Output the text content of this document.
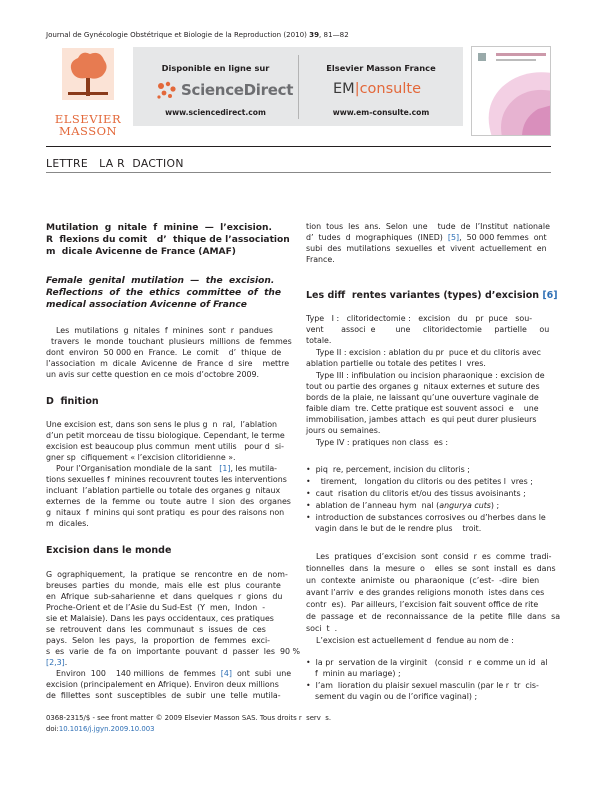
Journal de Gynécologie Obstétrique et Biologie de la Reproduction (2010) 39, 81—82
ELSEVIER
MASSON
Disponible en ligne sur
ScienceDirect
www.sciencedirect.com
Elsevier Masson France
EM|consulte
www.em-consulte.com
LETTRE   LA R  DACTION
Mutilation  g  nitale  f  minine  —  l’excision.
R  flexions du comit   d’  thique de l’association
m  dicale Avicenne de France (AMAF)
Female  genital  mutilation  —  the  excision.
Reflections  of  the  ethics  committee  of  the
medical association Avicenne of France
Les  mutilations  g  nitales  f  minines  sont  r  pandues
travers  le  monde  touchant  plusieurs  millions  de  femmes
dont  environ  50 000 en  France.  Le  comit    d’  thique  de
l’association  m  dicale  Avicenne  de  France  d  sire    mettre
un avis sur cette question en ce mois d’octobre 2009.
D  finition
Une excision est, dans son sens le plus g  n  ral,  l’ablation
d’un petit morceau de tissu biologique. Cependant, le terme
excision est beaucoup plus commun  ment utilis   pour d  si-
gner sp  cifiquement « l’excision clitoridienne ».
Pour l’Organisation mondiale de la sant   [1], les mutila-
tions sexuelles f  minines recouvrent toutes les interventions
incluant  l’ablation partielle ou totale des organes g  nitaux
externes  de  la  femme  ou  toute  autre  l  sion  des  organes
g  nitaux  f  minins qui sont pratiqu  es pour des raisons non
m  dicales.
Excision dans le monde
G  ographiquement,  la  pratique  se  rencontre  en  de  nom-
breuses  parties  du  monde,  mais  elle  est  plus  courante
en  Afrique  sub-saharienne  et  dans  quelques  r  gions  du
Proche-Orient et de l’Asie du Sud-Est  (Y  men,  Indon  -
sie et Malaisie). Dans les pays occidentaux, ces pratiques
se  retrouvent  dans  les  communaut  s  issues  de  ces
pays.  Selon  les  pays,  la  proportion  de  femmes  exci-
s  es  varie  de  fa  on  importante  pouvant  d  passer  les  90 %
[2,3].
Environ  100    140 millions  de  femmes  [4]  ont  subi  une
excision (principalement en Afrique). Environ deux millions
de  fillettes  sont  susceptibles  de  subir  une  telle  mutila-
tion  tous  les  ans.  Selon  une    tude  de  l’Institut  nationale
d’  tudes  d  mographiques  (INED)  [5],  50 000 femmes  ont
subi  des  mutilations  sexuelles  et  vivent  actuellement  en
France.
Les diff  rentes variantes (types) d’excision [6]
Type   I :   clitoridectomie :   excision   du   pr  puce   sou-
vent       associ  e        une     clitoridectomie     partielle     ou
totale.
Type II : excision : ablation du pr  puce et du clitoris avec
ablation partielle ou totale des petites l  vres.
Type III : infibulation ou incision pharaonique : excision de
tout ou partie des organes g  nitaux externes et suture des
bords de la plaie, ne laissant qu’une ouverture vaginale de
faible diam  tre. Cette pratique est souvent associ  e    une
immobilisation, jambes attach  es qui peut durer plusieurs
jours ou semaines.
Type IV : pratiques non class  es :
•  piq  re, percement, incision du clitoris ;
•    tirement,   longation du clitoris ou des petites l  vres ;
•  caut  risation du clitoris et/ou des tissus avoisinants ;
•  ablation de l’anneau hym  nal (angurya cuts) ;
•  introduction de substances corrosives ou d’herbes dans le
vagin dans le but de le rendre plus    troit.
Les  pratiques  d’excision  sont  consid  r  es  comme  tradi-
tionnelles  dans  la  mesure  o    elles  se  sont  install  es  dans
un  contexte  animiste  ou  pharaonique  (c’est-  -dire  bien
avant l’arriv  e des grandes religions monoth  istes dans ces
contr  es).  Par ailleurs, l’excision fait souvent office de rite
de  passage  et  de  reconnaissance  de  la  petite  fille  dans  sa
soci  t  .
L’excision est actuellement d  fendue au nom de :
•  la pr  servation de la virginit   (consid  r  e comme un id  al
f  minin au mariage) ;
•  l’am  lioration du plaisir sexuel masculin (par le r  tr  cis-
sement du vagin ou de l’orifice vaginal) ;
0368-2315/$ - see front matter © 2009 Elsevier Masson SAS. Tous droits r  serv  s.
doi:10.1016/j.jgyn.2009.10.003
